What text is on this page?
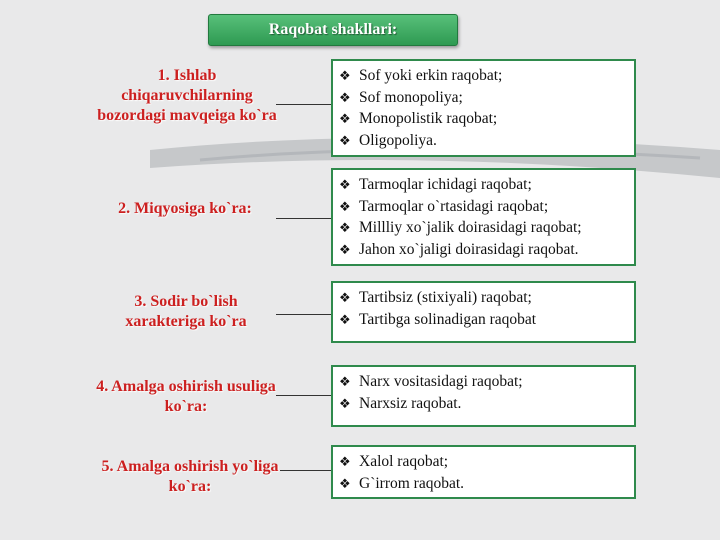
Raqobat shakllari:
1. Ishlab chiqaruvchilarning bozordagi mavqeiga ko`ra
❖ Sof yoki erkin raqobat;
❖ Sof monopoliya;
❖ Monopolistik raqobat;
❖ Oligopoliya.
2. Miqyosiga ko`ra:
❖ Tarmoqlar ichidagi raqobat;
❖ Tarmoqlar o`rtasidagi raqobat;
❖ Millliy xo`jalik doirasidagi raqobat;
❖ Jahon xo`jaligi doirasidagi raqobat.
3. Sodir bo`lish xarakteriga ko`ra
❖ Tartibsiz (stixiyali) raqobat;
❖ Tartibga solinadigan raqobat
4. Amalga oshirish usuliga ko`ra:
❖ Narx vositasidagi raqobat;
❖ Narxsiz raqobat.
5. Amalga oshirish yo`liga ko`ra:
❖ Xalol raqobat;
❖ G`irrom raqobat.
